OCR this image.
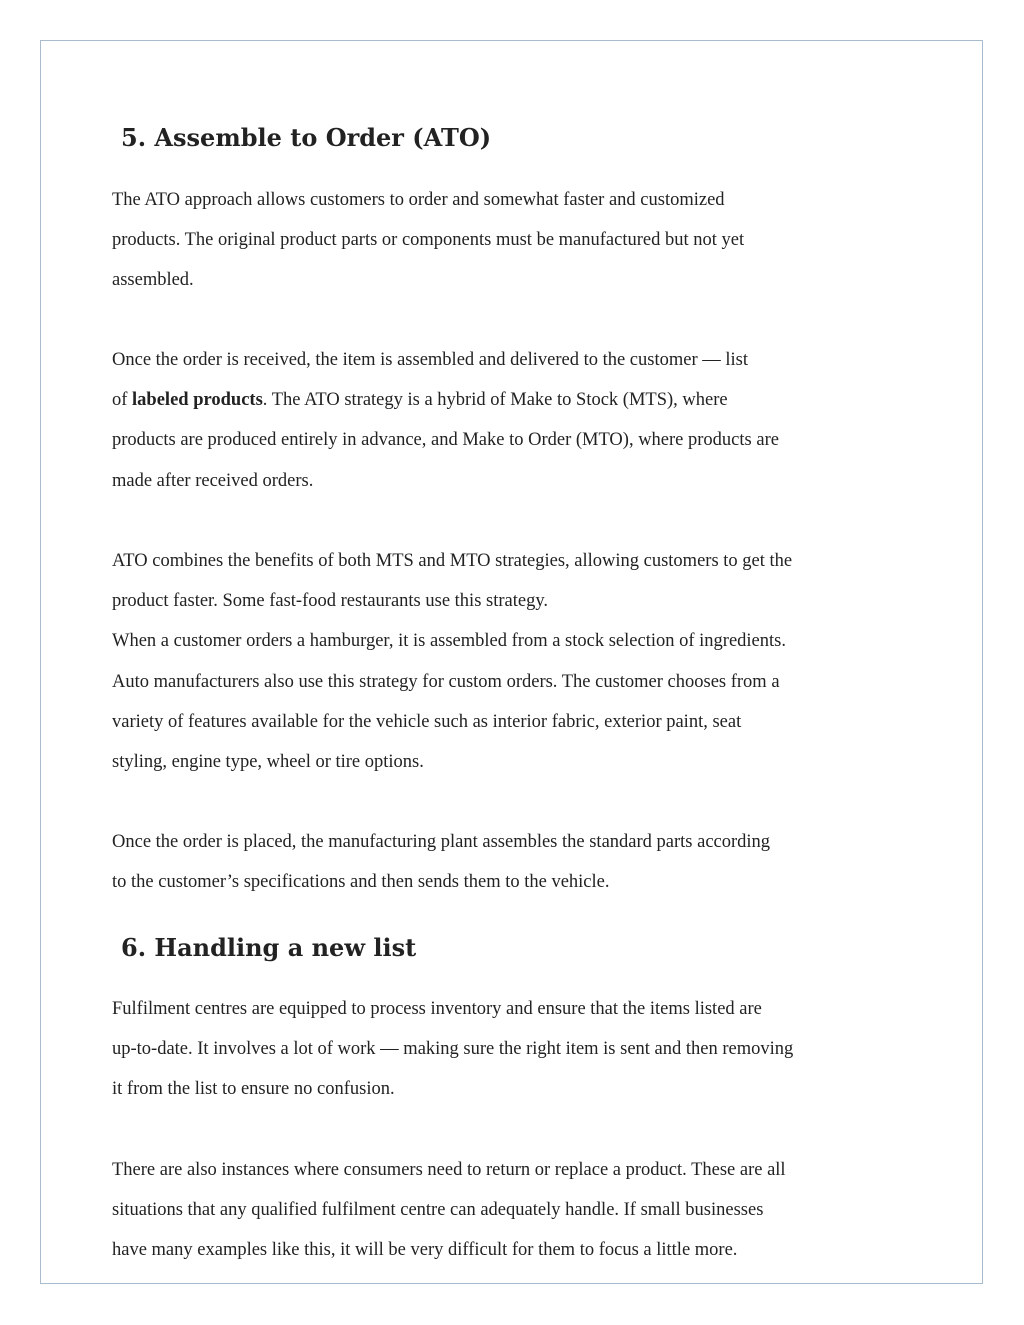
5. Assemble to Order (ATO)
The ATO approach allows customers to order and somewhat faster and customized
products. The original product parts or components must be manufactured but not yet
assembled.
Once the order is received, the item is assembled and delivered to the customer — list
of labeled products. The ATO strategy is a hybrid of Make to Stock (MTS), where
products are produced entirely in advance, and Make to Order (MTO), where products are
made after received orders.
ATO combines the benefits of both MTS and MTO strategies, allowing customers to get the
product faster. Some fast-food restaurants use this strategy.
When a customer orders a hamburger, it is assembled from a stock selection of ingredients.
Auto manufacturers also use this strategy for custom orders. The customer chooses from a
variety of features available for the vehicle such as interior fabric, exterior paint, seat
styling, engine type, wheel or tire options.
Once the order is placed, the manufacturing plant assembles the standard parts according
to the customer’s specifications and then sends them to the vehicle.
6. Handling a new list
Fulfilment centres are equipped to process inventory and ensure that the items listed are
up-to-date. It involves a lot of work — making sure the right item is sent and then removing
it from the list to ensure no confusion.
There are also instances where consumers need to return or replace a product. These are all
situations that any qualified fulfilment centre can adequately handle. If small businesses
have many examples like this, it will be very difficult for them to focus a little more.
